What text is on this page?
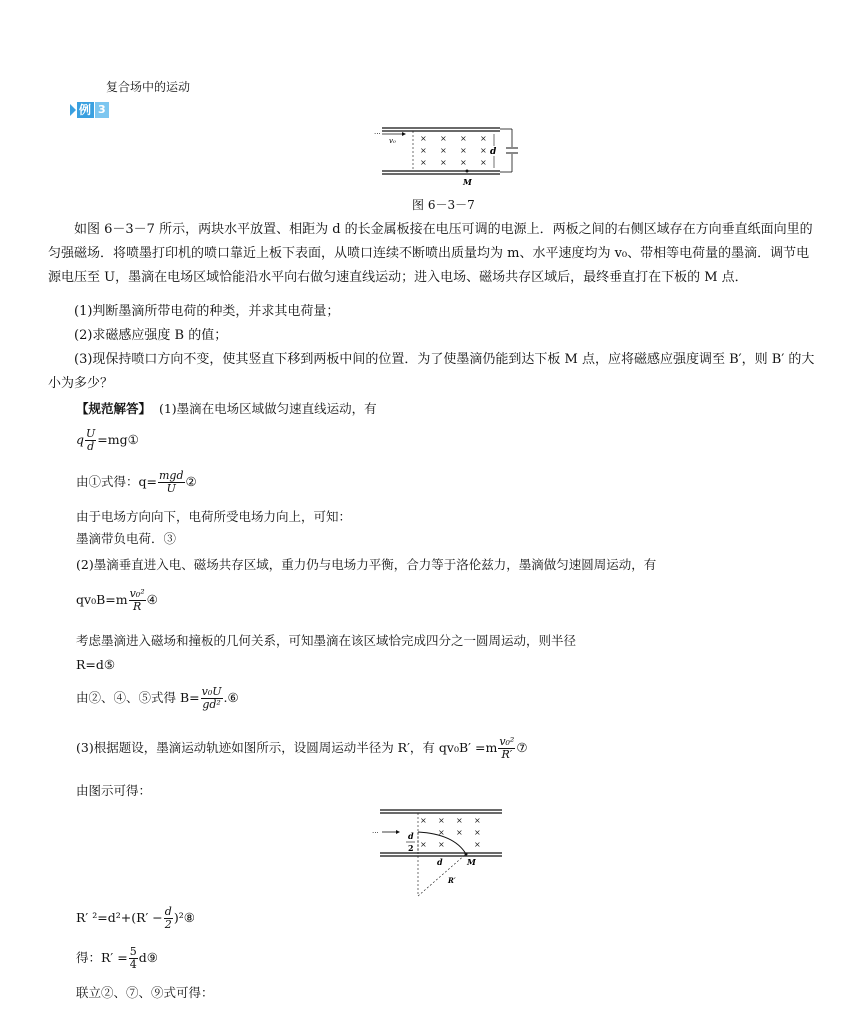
复合场中的运动
例 3
d
···
v₀	× × × ×
× × × ×
× × × ×
M
图 6－3－7
如图 6－3－7 所示，两块水平放置、相距为 d 的长金属板接在电压可调的电源上．两板之间的右侧区域存在方向垂直纸面向里的匀强磁场．将喷墨打印机的喷口靠近上板下表面，从喷口连续不断喷出质量均为 m、水平速度均为 v₀、带相等电荷量的墨滴．调节电源电压至 U，墨滴在电场区域恰能沿水平向右做匀速直线运动；进入电场、磁场共存区域后，最终垂直打在下板的 M 点．
(1)判断墨滴所带电荷的种类，并求其电荷量；
(2)求磁感应强度 B 的值；
(3)现保持喷口方向不变，使其竖直下移到两板中间的位置．为了使墨滴仍能到达下板 M 点，应将磁感应强度调至 B′，则 B′ 的大小为多少？
【规范解答】 (1)墨滴在电场区域做匀速直线运动，有
q $\frac{U}{d}$ =mg①
由①式得：$q= \frac{\text{mgd}}{U}$ ②
由于电场方向向下，电荷所受电场力向上，可知：
墨滴带负电荷．③
(2)墨滴垂直进入电、磁场共存区域，重力仍与电场力平衡，合力等于洛伦兹力，墨滴做匀速圆周运动，有
$qv_0B=m \frac{\text{v₀²}}{R}$ ④
考虑墨滴进入磁场和撞板的几何关系，可知墨滴在该区域恰完成四分之一圆周运动，则半径
R=d⑤
由②、④、⑤式得 $B= \frac{\text{v₀U}}{\text{gd²}}$ .⑥
(3)根据题设，墨滴运动轨迹如图所示，设圆周运动半径为 R′，有 $qv_0B' =m \frac{\text{v₀²}}{R'}$ ⑦
由图示可得：
···	d
2
× × × ×
× × ×
× ×	×
M
d
R′
R′ $^2=d^2+(R' - \frac{d}{2}$ )²⑧
得：$R' = \frac{5}{4}$ d⑨
联立②、⑦、⑨式可得：
